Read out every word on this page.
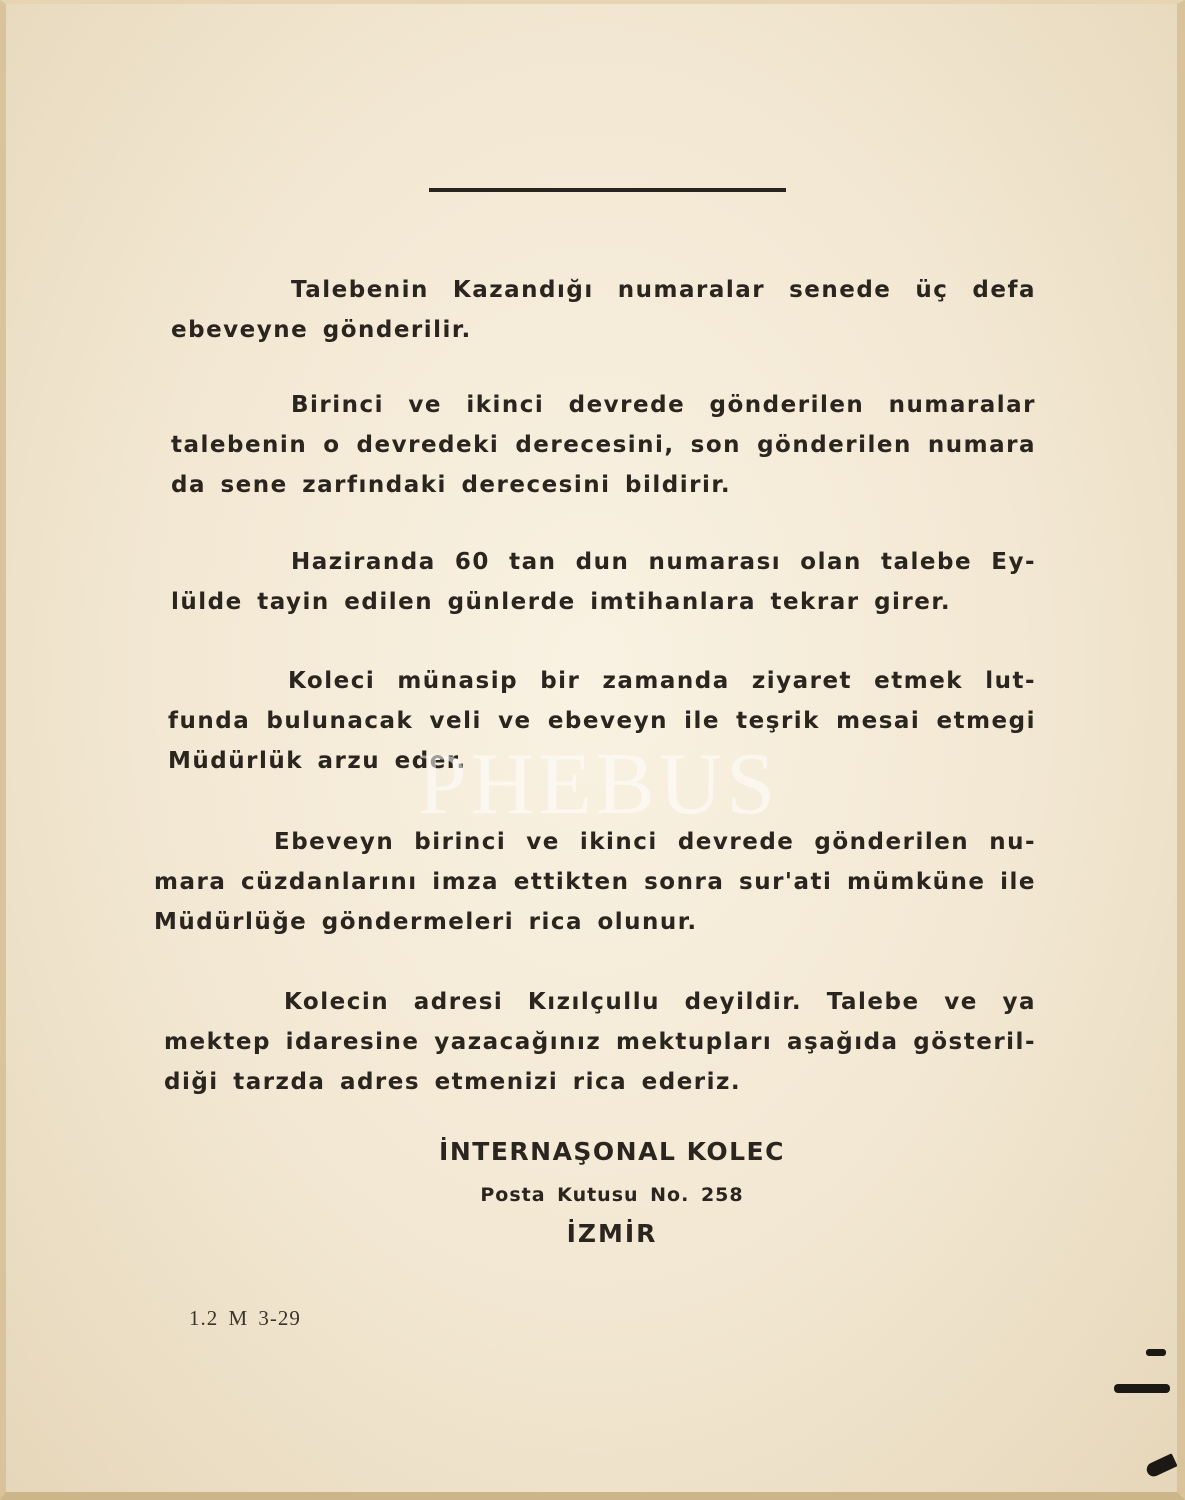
Talebenin Kazandığı numaralar senede üç defa
ebeveyne gönderilir.

Birinci ve ikinci devrede gönderilen numaralar
talebenin o devredeki derecesini, son gönderilen numara
da sene zarfındaki derecesini bildirir.

Haziranda 60 tan dun numarası olan talebe Ey-
lülde tayin edilen günlerde imtihanlara tekrar girer.

Koleci münasip bir zamanda ziyaret etmek lut-
funda bulunacak veli ve ebeveyn ile teşrik mesai etmegi
Müdürlük arzu eder.

Ebeveyn birinci ve ikinci devrede gönderilen nu-
mara cüzdanlarını imza ettikten sonra sur'ati mümküne ile
Müdürlüğe göndermeleri rica olunur.

Kolecin adresi Kızılçullu deyildir. Talebe ve ya
mektep idaresine yazacağınız mektupları aşağıda gösteril-
diği tarzda adres etmenizi rica ederiz.

İNTERNAŞONAL KOLEC

Posta Kutusu No. 258

İZMİR

1.2 M 3-29
PHEBUS
